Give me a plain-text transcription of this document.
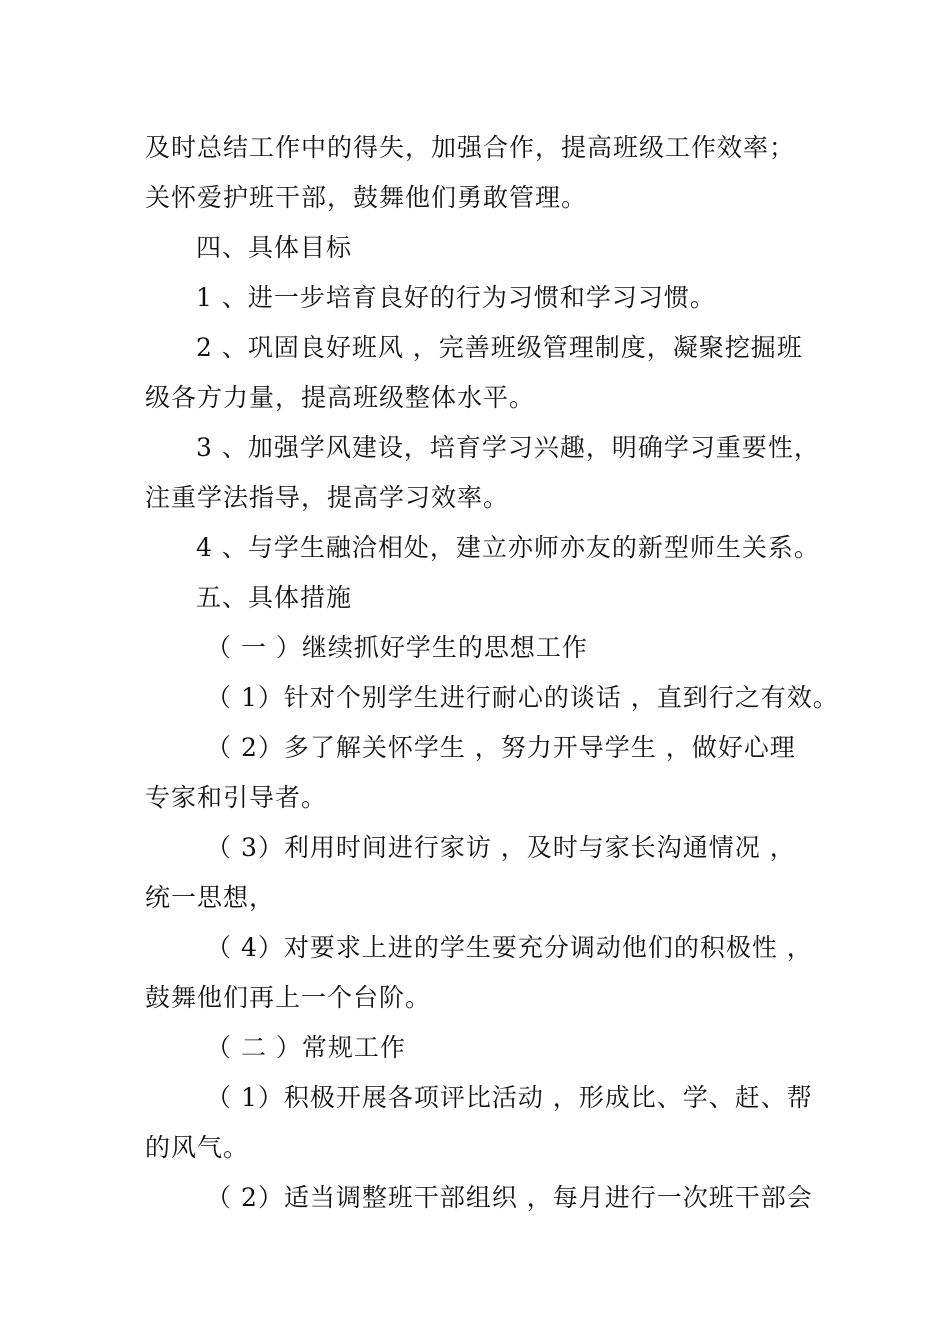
及时总结工作中的得失，加强合作，提高班级工作效率；
关怀爱护班干部，鼓舞他们勇敢管理。
四、具体目标
1 、进一步培育良好的行为习惯和学习习惯。
2 、巩固良好班风 ，完善班级管理制度，凝聚挖掘班
级各方力量，提高班级整体水平。
3 、加强学风建设，培育学习兴趣，明确学习重要性，
注重学法指导，提高学习效率。
4 、与学生融洽相处，建立亦师亦友的新型师生关系。
五、具体措施
（ 一 ）继续抓好学生的思想工作
（ 1）针对个别学生进行耐心的谈话 ，直到行之有效。
（ 2）多了解关怀学生 ，努力开导学生 ，做好心理
专家和引导者。
（ 3）利用时间进行家访 ，及时与家长沟通情况 ，
统一思想，
（ 4）对要求上进的学生要充分调动他们的积极性 ，
鼓舞他们再上一个台阶。
（ 二 ）常规工作
（ 1）积极开展各项评比活动 ，形成比、学、赶、帮
的风气。
（ 2）适当调整班干部组织 ，每月进行一次班干部会
